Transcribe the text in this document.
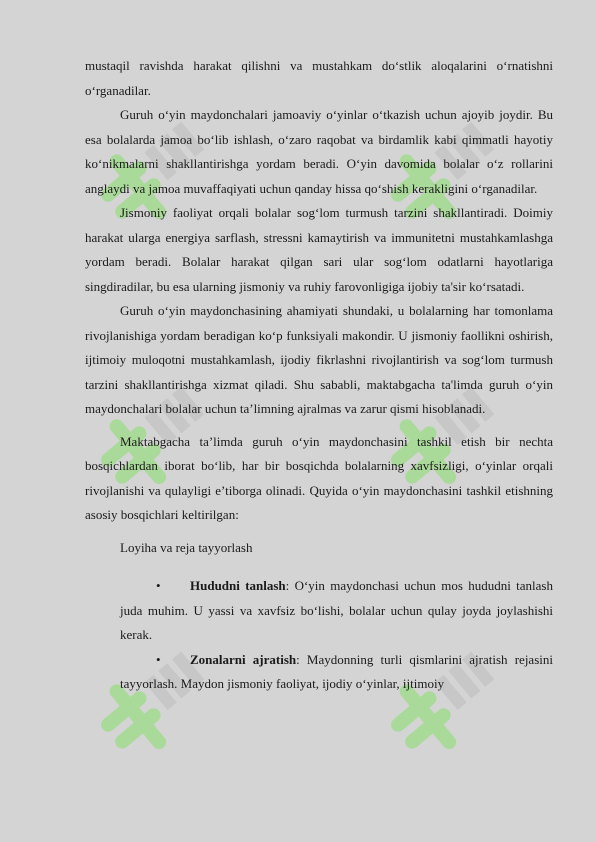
mustaqil ravishda harakat qilishni va mustahkam do‘stlik aloqalarini o‘rnatishni o‘rganadilar.

Guruh o‘yin maydonchalari jamoaviy o‘yinlar o‘tkazish uchun ajoyib joydir. Bu esa bolalarda jamoa bo‘lib ishlash, o‘zaro raqobat va birdamlik kabi qimmatli hayotiy ko‘nikmalarni shakllantirishga yordam beradi. O‘yin davomida bolalar o‘z rollarini anglaydi va jamoa muvaffaqiyati uchun qanday hissa qo‘shish kerakligini o‘rganadilar.

Jismoniy faoliyat orqali bolalar sog‘lom turmush tarzini shakllantiradi. Doimiy harakat ularga energiya sarflash, stressni kamaytirish va immunitetni mustahkamlashga yordam beradi. Bolalar harakat qilgan sari ular sog‘lom odatlarni hayotlariga singdiradilar, bu esa ularning jismoniy va ruhiy farovonligiga ijobiy ta'sir ko‘rsatadi.

Guruh o‘yin maydonchasining ahamiyati shundaki, u bolalarning har tomonlama rivojlanishiga yordam beradigan ko‘p funksiyali makondir. U jismoniy faollikni oshirish, ijtimoiy muloqotni mustahkamlash, ijodiy fikrlashni rivojlantirish va sog‘lom turmush tarzini shakllantirishga xizmat qiladi. Shu sababli, maktabgacha ta'limda guruh o‘yin maydonchalari bolalar uchun ta’limning ajralmas va zarur qismi hisoblanadi.

Maktabgacha ta’limda guruh o‘yin maydonchasini tashkil etish bir nechta bosqichlardan iborat bo‘lib, har bir bosqichda bolalarning xavfsizligi, o‘yinlar orqali rivojlanishi va qulayligi e’tiborga olinadi. Quyida o‘yin maydonchasini tashkil etishning asosiy bosqichlari keltirilgan:

Loyiha va reja tayyorlash

• Hududni tanlash: O‘yin maydonchasi uchun mos hududni tanlash juda muhim. U yassi va xavfsiz bo‘lishi, bolalar uchun qulay joyda joylashishi kerak.
• Zonalarni ajratish: Maydonning turli qismlarini ajratish rejasini tayyorlash. Maydon jismoniy faoliyat, ijodiy o‘yinlar, ijtimoiy
